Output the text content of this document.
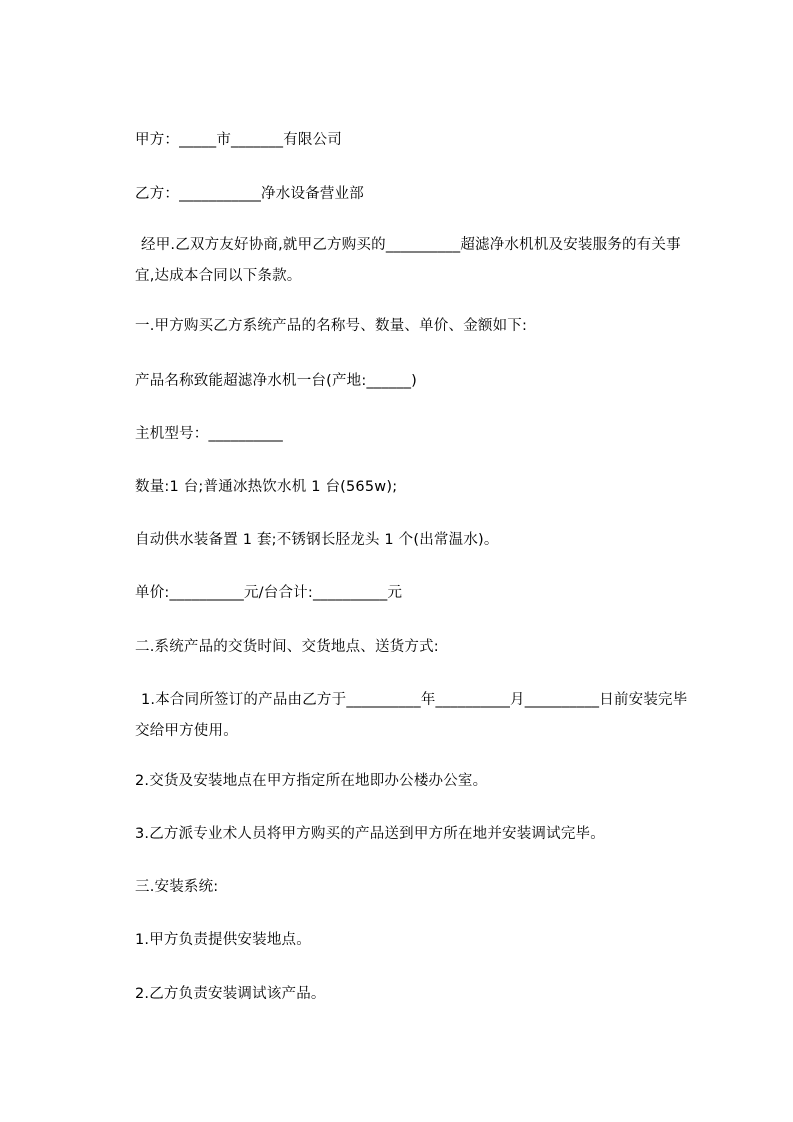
甲方：_____市_______有限公司
乙方：___________净水设备营业部
经甲.乙双方友好协商,就甲乙方购买的__________超滤净水机机及安装服务的有关事宜,达成本合同以下条款。
一.甲方购买乙方系统产品的名称号、数量、单价、金额如下:
产品名称致能超滤净水机一台(产地:______)
主机型号：__________
数量:1 台;普通冰热饮水机 1 台(565w);
自动供水装备置 1 套;不锈钢长胫龙头 1 个(出常温水)。
单价:__________元/台合计:__________元
二.系统产品的交货时间、交货地点、送货方式:
1.本合同所签订的产品由乙方于__________年__________月__________日前安装完毕交给甲方使用。
2.交货及安装地点在甲方指定所在地即办公楼办公室。
3.乙方派专业术人员将甲方购买的产品送到甲方所在地并安装调试完毕。
三.安装系统:
1.甲方负责提供安装地点。
2.乙方负责安装调试该产品。
